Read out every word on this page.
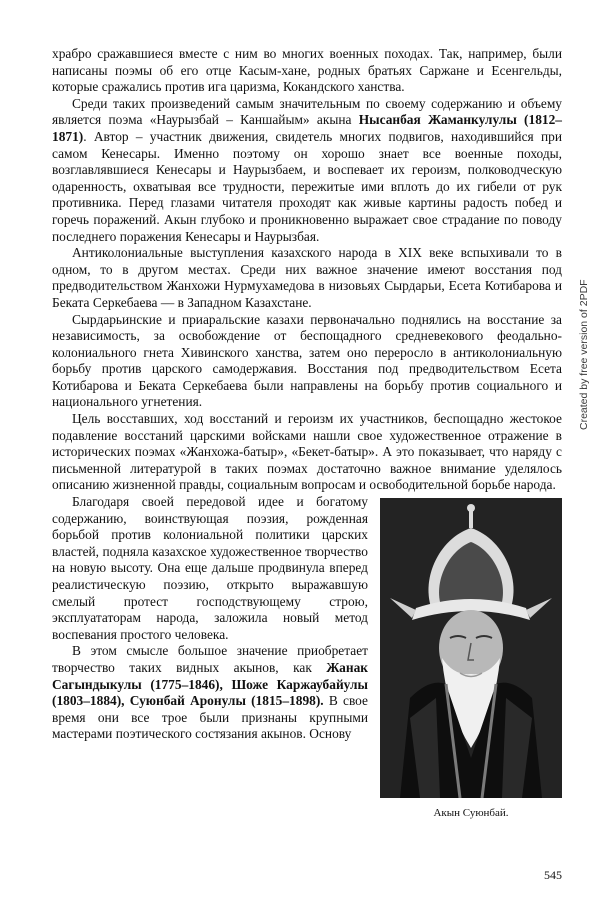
храбро сражавшиеся вместе с ним во многих военных походах. Так, например, были написаны поэмы об его отце Касым-хане, родных братьях Саржане и Есенгельды, которые сражались против ига царизма, Кокандского ханства.

Среди таких произведений самым значительным по своему содержанию и объему является поэма «Наурызбай – Каншайым» акына Нысанбая Жаманкулулы (1812–1871). Автор – участник движения, свидетель многих подвигов, находившийся при самом Кенесары. Именно поэтому он хорошо знает все военные походы, возглавлявшиеся Кенесары и Наурызбаем, и воспевает их героизм, полководческую одаренность, охватывая все трудности, пережитые ими вплоть до их гибели от рук противника. Перед глазами читателя проходят как живые картины радость побед и горечь поражений. Акын глубоко и проникновенно выражает свое страдание по поводу последнего поражения Кенесары и Наурызбая.

Антиколониальные выступления казахского народа в XIX веке вспыхивали то в одном, то в другом местах. Среди них важное значение имеют восстания под предводительством Жанхожи Нурмухамедова в низовьях Сырдарьи, Есета Котибарова и Беката Серкебаева — в Западном Казахстане.

Сырдарьинские и приаральские казахи первоначально поднялись на восстание за независимость, за освобождение от беспощадного средневекового феодально-колониального гнета Хивинского ханства, затем оно переросло в антиколониальную борьбу против царского самодержавия. Восстания под предводительством Есета Котибарова и Беката Серкебаева были направлены на борьбу против социального и национального угнетения.

Цель восставших, ход восстаний и героизм их участников, беспощадно жестокое подавление восстаний царскими войсками нашли свое художественное отражение в исторических поэмах «Жанхожа-батыр», «Бекет-батыр». А это показывает, что наряду с письменной литературой в таких поэмах достаточно важное внимание уделялось описанию жизненной правды, социальным вопросам и освободительной борьбе народа.

Акын Суюнбай.

Благодаря своей передовой идее и богатому содержанию, воинствующая поэзия, рожденная борьбой против колониальной политики царских властей, подняла казахское художественное творчество на новую высоту. Она еще дальше продвинула вперед реалистическую поэзию, открыто выражавшую смелый протест господствующему строю, эксплуататорам народа, заложила новый метод воспевания простого человека.

В этом смысле большое значение приобретает творчество таких видных акынов, как Жанак Сагындыкулы (1775–1846), Шоже Каржаубайулы (1803–1884), Суюнбай Аронулы (1815–1898). В свое время они все трое были признаны крупными мастерами поэтического состязания акынов. Основу

Created by free version of 2PDF
545
